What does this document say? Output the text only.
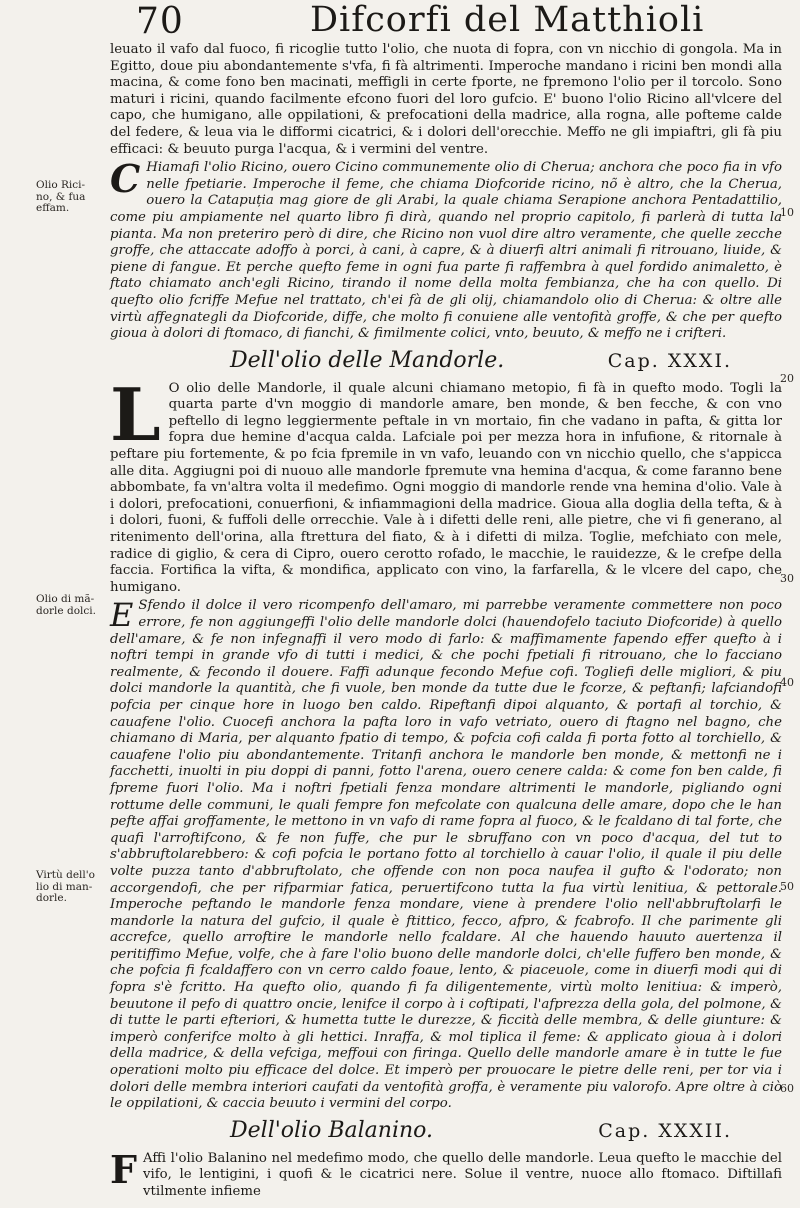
70	Difcorfi del Matthioli
Olio Rici-
no, & fua
effam.
Olio di mã-
dorle dolci.
Virtù dell'o
lio di man-
dorle.
10
20
30
40
50
60

leuato il vafo dal fuoco, fi ricoglie tutto l'olio, che nuota di fopra, con vn nicchio di gongola. Ma in Egitto, doue piu abondantemente s'vfa, fi fà altrimenti. Imperoche mandano i ricini ben mondi alla macina, & come fono ben macinati, meffigli in certe fporte, ne fpremono l'olio per il torcolo. Sono maturi i ricini, quando facilmente efcono fuori del loro gufcio. E' buono l'olio Ricino all'vlcere del capo, che humigano, alle oppilationi, & prefocationi della madrice, alla rogna, alle pofteme calde del federe, & leua via le difformi cicatrici, & i dolori dell'orecchie. Meffo ne gli impiaftri, gli fà piu efficaci: & beuuto purga l'acqua, & i vermini del ventre.

C Hiamafi l'olio Ricino, ouero Cicino communemente olio di Cherua; anchora che poco fia in vfo nelle fpetiarie. Imperoche il feme, che chiama Diofcoride ricino, nõ è altro, che la Cherua, ouero la Catapuția mag giore de gli Arabi, la quale chiama Serapione anchora Pentadattilio, come piu ampiamente nel quarto libro fi dirà, quando nel proprio capitolo, fi parlerà di tutta la pianta. Ma non preteriro però di dire, che Ricino non vuol dire altro veramente, che quelle zecche groffe, che attaccate adoffo à porci, à cani, à capre, & à diuerfi altri animali fi ritrouano, liuide, & piene di fangue. Et perche quefto feme in ogni fua parte fi raffembra à quel fordido animaletto, è ftato chiamato anch'egli Ricino, tirando il nome della molta fembianza, che ha con quello. Di quefto olio fcriffe Mefue nel trattato, ch'ei fà de gli olij, chiamandolo olio di Cherua: & oltre alle virtù affegnategli da Diofcoride, diffe, che molto fi conuiene alle ventofità groffe, & che per quefto gioua à dolori di ftomaco, di fianchi, & fimilmente colici, vnto, beuuto, & meffo ne i crifteri.

Dell'olio delle Mandorle.	Cap. XXXI.

L O olio delle Mandorle, il quale alcuni chiamano metopio, fi fà in quefto modo. Togli la quarta parte d'vn moggio di mandorle amare, ben monde, & ben fecche, & con vno peftello di legno leggiermente peftale in vn mortaio, fin che vadano in pafta, & gitta lor fopra due hemine d'acqua calda. Lafciale poi per mezza hora in infufione, & ritornale à peftare piu fortemente, & po fcia fpremile in vn vafo, leuando con vn nicchio quello, che s'appicca alle dita. Aggiugni poi di nuouo alle mandorle fpremute vna hemina d'acqua, & come faranno bene abbombate, fa vn'altra volta il medefimo. Ogni moggio di mandorle rende vna hemina d'olio. Vale à i dolori, prefocationi, conuerfioni, & infiammagioni della madrice. Gioua alla doglia della tefta, & à i dolori, fuoni, & fuffoli delle orrecchie. Vale à i difetti delle reni, alle pietre, che vi fi generano, al ritenimento dell'orina, alla ftrettura del fiato, & à i difetti di milza. Toglie, mefchiato con mele, radice di giglio, & cera di Cipro, ouero cerotto rofado, le macchie, le rauidezze, & le crefpe della faccia. Fortifica la vifta, & mondifica, applicato con vino, la farfarella, & le vlcere del capo, che humigano.

E Sfendo il dolce il vero ricompenfo dell'amaro, mi parrebbe veramente commettere non poco errore, fe non aggiungeffi l'olio delle mandorle dolci (hauendofelo taciuto Diofcoride) à quello dell'amare, & fe non infegnaffi il vero modo di farlo: & maffimamente fapendo effer quefto à i noftri tempi in grande vfo di tutti i medici, & che pochi fpetiali fi ritrouano, che lo facciano realmente, & fecondo il douere. Faffi adunque fecondo Mefue cofi. Togliefi delle migliori, & piu dolci mandorle la quantità, che fi vuole, ben monde da tutte due le fcorze, & peftanfi; lafciandofi pofcia per cinque hore in luogo ben caldo. Ripeftanfi dipoi alquanto, & portafi al torchio, & cauafene l'olio. Cuocefi anchora la pafta loro in vafo vetriato, ouero di ftagno nel bagno, che chiamano di Maria, per alquanto fpatio di tempo, & pofcia cofi calda fi porta fotto al torchiello, & cauafene l'olio piu abondantemente. Tritanfi anchora le mandorle ben monde, & mettonfi ne i facchetti, inuolti in piu doppi di panni, fotto l'arena, ouero cenere calda: & come fon ben calde, fi fpreme fuori l'olio. Ma i noftri fpetiali fenza mondare altrimenti le mandorle, pigliando ogni rottume delle communi, le quali fempre fon mefcolate con qualcuna delle amare, dopo che le han pefte affai groffamente, le mettono in vn vafo di rame fopra al fuoco, & le fcaldano di tal forte, che quafi l'arroftifcono, & fe non fuffe, che pur le sbruffano con vn poco d'acqua, del tut to s'abbruftolarebbero: & cofi pofcia le portano fotto al torchiello à cauar l'olio, il quale il piu delle volte puzza tanto d'abbruftolato, che offende con non poca naufea il gufto & l'odorato; non accorgendofi, che per rifparmiar fatica, peruertifcono tutta la fua virtù lenitiua, & pettorale. Imperoche peftando le mandorle fenza mondare, viene à prendere l'olio nell'abbruftolarfi le mandorle la natura del gufcio, il quale è ftittico, fecco, afpro, & fcabrofo. Il che parimente gli accrefce, quello arroftire le mandorle nello fcaldare. Al che hauendo hauuto auertenza il peritiffimo Mefue, volfe, che à fare l'olio buono delle mandorle dolci, ch'elle fuffero ben monde, & che pofcia fi fcaldaffero con vn cerro caldo foaue, lento, & piaceuole, come in diuerfi modi qui di fopra s'è fcritto. Ha quefto olio, quando fi fa diligentemente, virtù molto lenitiua: & imperò, beuutone il pefo di quattro oncie, lenifce il corpo à i coftipati, l'afprezza della gola, del polmone, & di tutte le parti efteriori, & humetta tutte le durezze, & ficcità delle membra, & delle giunture: & imperò conferifce molto à gli hettici. Inraffa, & mol tiplica il feme: & applicato gioua à i dolori della madrice, & della vefciga, meffoui con firinga. Quello delle mandorle amare è in tutte le fue operationi molto piu efficace del dolce. Et imperò per prouocare le pietre delle reni, per tor via i dolori delle membra interiori caufati da ventofità groffa, è veramente piu valorofo. Apre oltre à ciò le oppilationi, & caccia beuuto i vermini del corpo.

Dell'olio Balanino.	Cap. XXXII.

F Affi l'olio Balanino nel medefimo modo, che quello delle mandorle. Leua quefto le macchie del vifo, le lentigini, i quofi & le cicatrici nere. Solue il ventre, nuoce allo ftomaco. Diftillafi vtilmente infieme
